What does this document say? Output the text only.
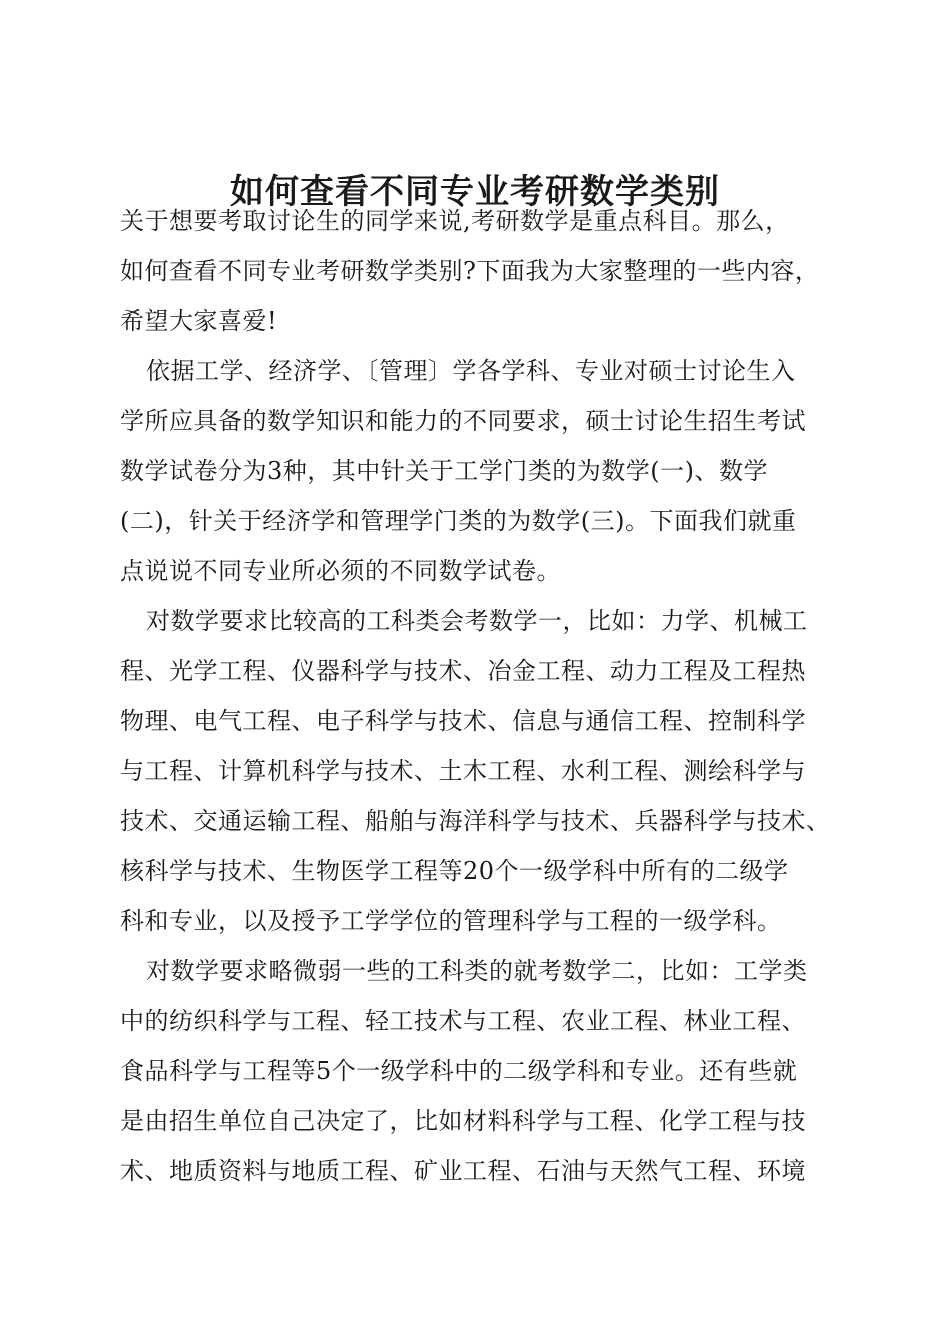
如何查看不同专业考研数学类别

关于想要考取讨论生的同学来说,考研数学是重点科目。那么，
如何查看不同专业考研数学类别?下面我为大家整理的一些内容，
希望大家喜爱!

依据工学、经济学、〔管理〕学各学科、专业对硕士讨论生入
学所应具备的数学知识和能力的不同要求，硕士讨论生招生考试
数学试卷分为3种，其中针关于工学门类的为数学(一)、数学
(二)，针关于经济学和管理学门类的为数学(三)。下面我们就重
点说说不同专业所必须的不同数学试卷。

对数学要求比较高的工科类会考数学一，比如：力学、机械工
程、光学工程、仪器科学与技术、冶金工程、动力工程及工程热
物理、电气工程、电子科学与技术、信息与通信工程、控制科学
与工程、计算机科学与技术、土木工程、水利工程、测绘科学与
技术、交通运输工程、船舶与海洋科学与技术、兵器科学与技术、
核科学与技术、生物医学工程等20个一级学科中所有的二级学
科和专业，以及授予工学学位的管理科学与工程的一级学科。

对数学要求略微弱一些的工科类的就考数学二，比如：工学类
中的纺织科学与工程、轻工技术与工程、农业工程、林业工程、
食品科学与工程等5个一级学科中的二级学科和专业。还有些就
是由招生单位自己决定了，比如材料科学与工程、化学工程与技
术、地质资料与地质工程、矿业工程、石油与天然气工程、环境
